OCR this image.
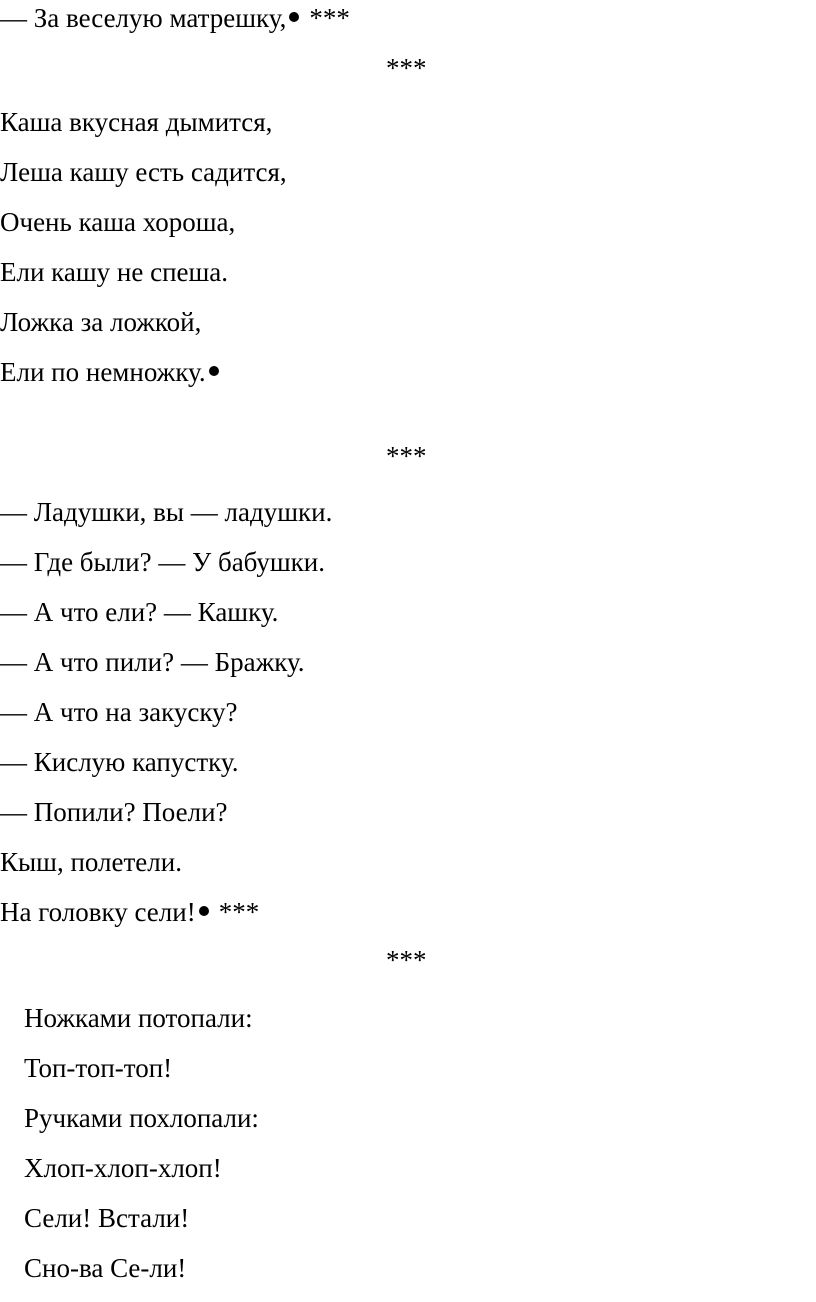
— За веселую матрешку, ***
***
Каша вкусная дымится,
Леша кашу есть садится,
Очень каша хороша,
Ели кашу не спеша.
Ложка за ложкой,
Ели по немножку.
***
— Ладушки, вы — ладушки.
— Где были? — У бабушки.
— А что ели? — Кашку.
— А что пили? — Бражку.
— А что на закуску?
— Кислую капустку.
— Попили? Поели?
Кыш, полетели.
На головку сели! ***
***
Ножками потопали:
Топ-топ-топ!
Ручками похлопали:
Хлоп-хлоп-хлоп!
Сели! Встали!
Сно-ва Се-ли!
